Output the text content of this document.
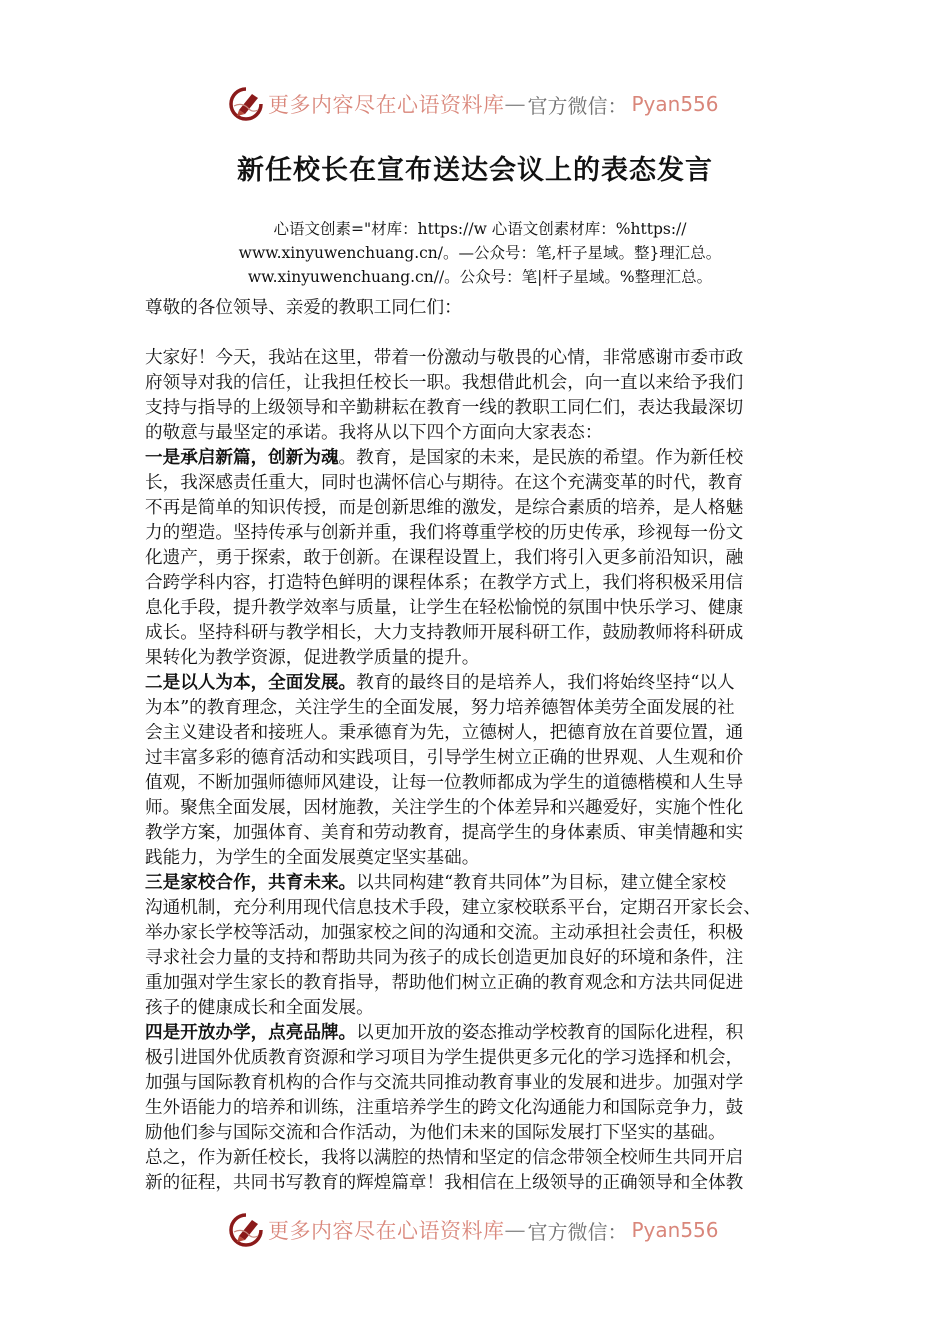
更多内容尽在心语资料库 — 官方微信： Pyan556
新任校长在宣布送达会议上的表态发言
心语文创素="材库：https://w 心语文创素材库：%https://
www.xinyuwenchuang.cn/。—公众号：笔,杆子星域。整}理汇总。
ww.xinyuwenchuang.cn//。公众号：笔|杆子星域。%整理汇总。
尊敬的各位领导、亲爱的教职工同仁们：
大家好！今天，我站在这里，带着一份激动与敬畏的心情，非常感谢市委市政
府领导对我的信任，让我担任校长一职。我想借此机会，向一直以来给予我们
支持与指导的上级领导和辛勤耕耘在教育一线的教职工同仁们，表达我最深切
的敬意与最坚定的承诺。我将从以下四个方面向大家表态：
一是承启新篇，创新为魂。教育，是国家的未来，是民族的希望。作为新任校
长，我深感责任重大，同时也满怀信心与期待。在这个充满变革的时代，教育
不再是简单的知识传授，而是创新思维的激发，是综合素质的培养，是人格魅
力的塑造。坚持传承与创新并重，我们将尊重学校的历史传承，珍视每一份文
化遗产，勇于探索，敢于创新。在课程设置上，我们将引入更多前沿知识，融
合跨学科内容，打造特色鲜明的课程体系；在教学方式上，我们将积极采用信
息化手段，提升教学效率与质量，让学生在轻松愉悦的氛围中快乐学习、健康
成长。坚持科研与教学相长，大力支持教师开展科研工作，鼓励教师将科研成
果转化为教学资源，促进教学质量的提升。
二是以人为本，全面发展。教育的最终目的是培养人，我们将始终坚持“以人
为本”的教育理念，关注学生的全面发展，努力培养德智体美劳全面发展的社
会主义建设者和接班人。秉承德育为先，立德树人，把德育放在首要位置，通
过丰富多彩的德育活动和实践项目，引导学生树立正确的世界观、人生观和价
值观，不断加强师德师风建设，让每一位教师都成为学生的道德楷模和人生导
师。聚焦全面发展，因材施教，关注学生的个体差异和兴趣爱好，实施个性化
教学方案，加强体育、美育和劳动教育，提高学生的身体素质、审美情趣和实
践能力，为学生的全面发展奠定坚实基础。
三是家校合作，共育未来。以共同构建“教育共同体”为目标，建立健全家校
沟通机制，充分利用现代信息技术手段，建立家校联系平台，定期召开家长会、
举办家长学校等活动，加强家校之间的沟通和交流。主动承担社会责任，积极
寻求社会力量的支持和帮助共同为孩子的成长创造更加良好的环境和条件，注
重加强对学生家长的教育指导，帮助他们树立正确的教育观念和方法共同促进
孩子的健康成长和全面发展。
四是开放办学，点亮品牌。以更加开放的姿态推动学校教育的国际化进程，积
极引进国外优质教育资源和学习项目为学生提供更多元化的学习选择和机会，
加强与国际教育机构的合作与交流共同推动教育事业的发展和进步。加强对学
生外语能力的培养和训练，注重培养学生的跨文化沟通能力和国际竞争力，鼓
励他们参与国际交流和合作活动，为他们未来的国际发展打下坚实的基础。
总之，作为新任校长，我将以满腔的热情和坚定的信念带领全校师生共同开启
新的征程，共同书写教育的辉煌篇章！我相信在上级领导的正确领导和全体教
更多内容尽在心语资料库 — 官方微信： Pyan556
